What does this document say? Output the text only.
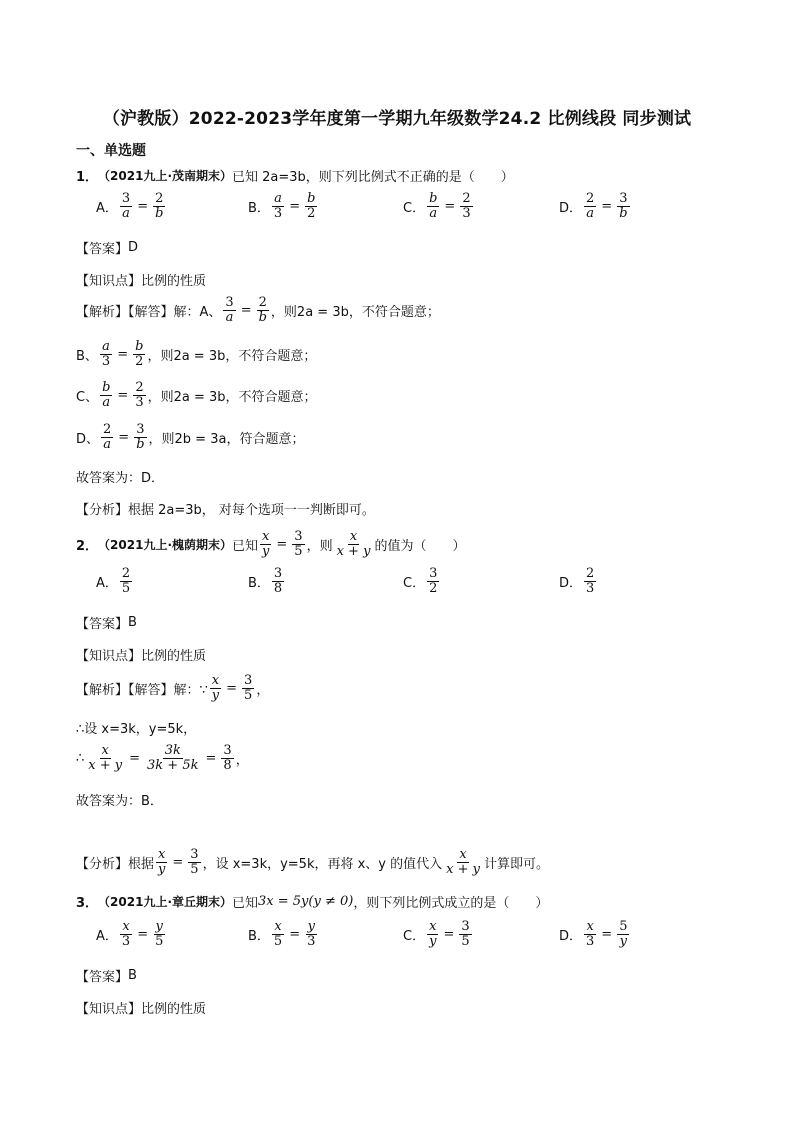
（沪教版）2022-2023学年度第一学期九年级数学24.2 比例线段 同步测试
一、单选题
1． （2021九上·茂南期末） 已知 2a=3b，则下列比例式不正确的是（　　）
A． $\frac{3}{a} = \frac{2}{b}$	B． $\frac{a}{3} = \frac{b}{2}$	C． $\frac{b}{a} = \frac{2}{3}$	D． $\frac{2}{a} = \frac{3}{b}$
【答案】 D
【知识点】 比例的性质
【解析】【解答】解：A、 $\frac{3}{a} = \frac{2}{b}$ ，则2a = 3b，不符合题意；
B、 $\frac{a}{3} = \frac{b}{2}$ ，则2a = 3b，不符合题意；
C、 $\frac{b}{a} = \frac{2}{3}$ ，则2a = 3b，不符合题意；
D、 $\frac{2}{a} = \frac{3}{b}$ ，则2b = 3a，符合题意；
故答案为：D．
【分析】 根据 2a=3b， 对每个选项一一判断即可。
2． （2021九上·槐荫期末） 已知 $\frac{x}{y} = \frac{3}{5}$ ，则 $\frac{x}{x + y}$ 的值为（　　）
A． $\frac{2}{5}$	B． $\frac{3}{8}$	C． $\frac{3}{2}$	D． $\frac{2}{3}$
【答案】 B
【知识点】 比例的性质
【解析】【解答】解：∵ $\frac{x}{y} = \frac{3}{5}$ ，
∴设 x=3k，y=5k，
∴ $\frac{x}{x + y} = \frac{3k}{3k + 5k} = \frac{3}{8}$ ，
故答案为：B．
【分析】 根据 $\frac{x}{y} = \frac{3}{5}$ ，设 x=3k，y=5k，再将 x、y 的值代入 $\frac{x}{x + y}$ 计算即可。
3． （2021九上·章丘期末） 已知 3x = 5y(y ≠ 0) ，则下列比例式成立的是（　　）
A． $\frac{x}{3} = \frac{y}{5}$	B． $\frac{x}{5} = \frac{y}{3}$	C． $\frac{x}{y} = \frac{3}{5}$	D． $\frac{x}{3} = \frac{5}{y}$
【答案】 B
【知识点】 比例的性质
